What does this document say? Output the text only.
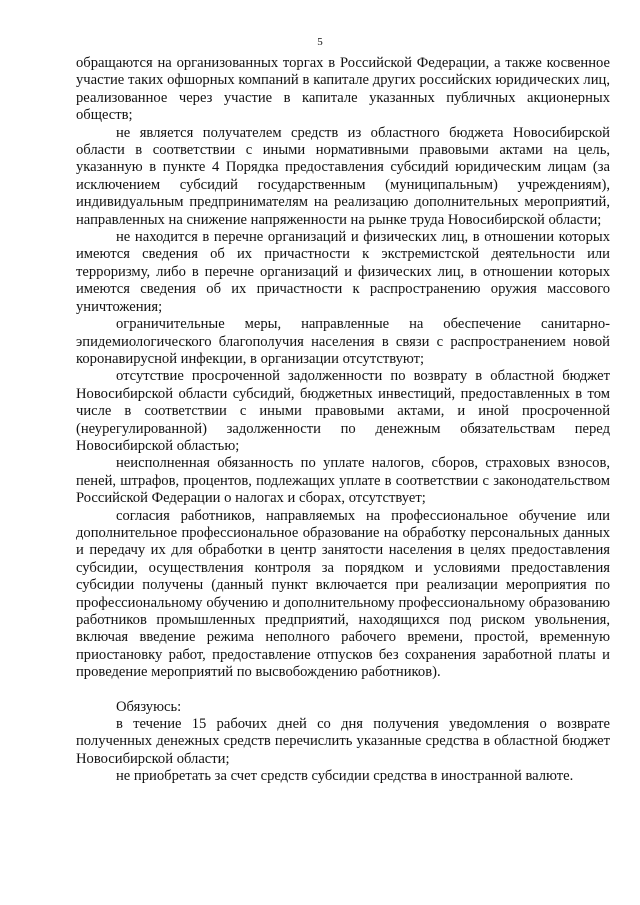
5

обращаются на организованных торгах в Российской Федерации, а также косвенное участие таких офшорных компаний в капитале других российских юридических лиц, реализованное через участие в капитале указанных публичных акционерных обществ;

не является получателем средств из областного бюджета Новосибирской области в соответствии с иными нормативными правовыми актами на цель, указанную в пункте 4 Порядка предоставления субсидий юридическим лицам (за исключением субсидий государственным (муниципальным) учреждениям), индивидуальным предпринимателям на реализацию дополнительных мероприятий, направленных на снижение напряженности на рынке труда Новосибирской области;

не находится в перечне организаций и физических лиц, в отношении которых имеются сведения об их причастности к экстремистской деятельности или терроризму, либо в перечне организаций и физических лиц, в отношении которых имеются сведения об их причастности к распространению оружия массового уничтожения;

ограничительные меры, направленные на обеспечение санитарно-эпидемиологического благополучия населения в связи с распространением новой коронавирусной инфекции, в организации отсутствуют;

отсутствие просроченной задолженности по возврату в областной бюджет Новосибирской области субсидий, бюджетных инвестиций, предоставленных в том числе в соответствии с иными правовыми актами, и иной просроченной (неурегулированной) задолженности по денежным обязательствам перед Новосибирской областью;

неисполненная обязанность по уплате налогов, сборов, страховых взносов, пеней, штрафов, процентов, подлежащих уплате в соответствии с законодательством Российской Федерации о налогах и сборах, отсутствует;

согласия работников, направляемых на профессиональное обучение или дополнительное профессиональное образование на обработку персональных данных и передачу их для обработки в центр занятости населения в целях предоставления субсидии, осуществления контроля за порядком и условиями предоставления субсидии получены (данный пункт включается при реализации мероприятия по профессиональному обучению и дополнительному профессиональному образованию работников промышленных предприятий, находящихся под риском увольнения, включая введение режима неполного рабочего времени, простой, временную приостановку работ, предоставление отпусков без сохранения заработной платы и проведение мероприятий по высвобождению работников).

Обязуюсь:

в течение 15 рабочих дней со дня получения уведомления о возврате полученных денежных средств перечислить указанные средства в областной бюджет Новосибирской области;

не приобретать за счет средств субсидии средства в иностранной валюте.
